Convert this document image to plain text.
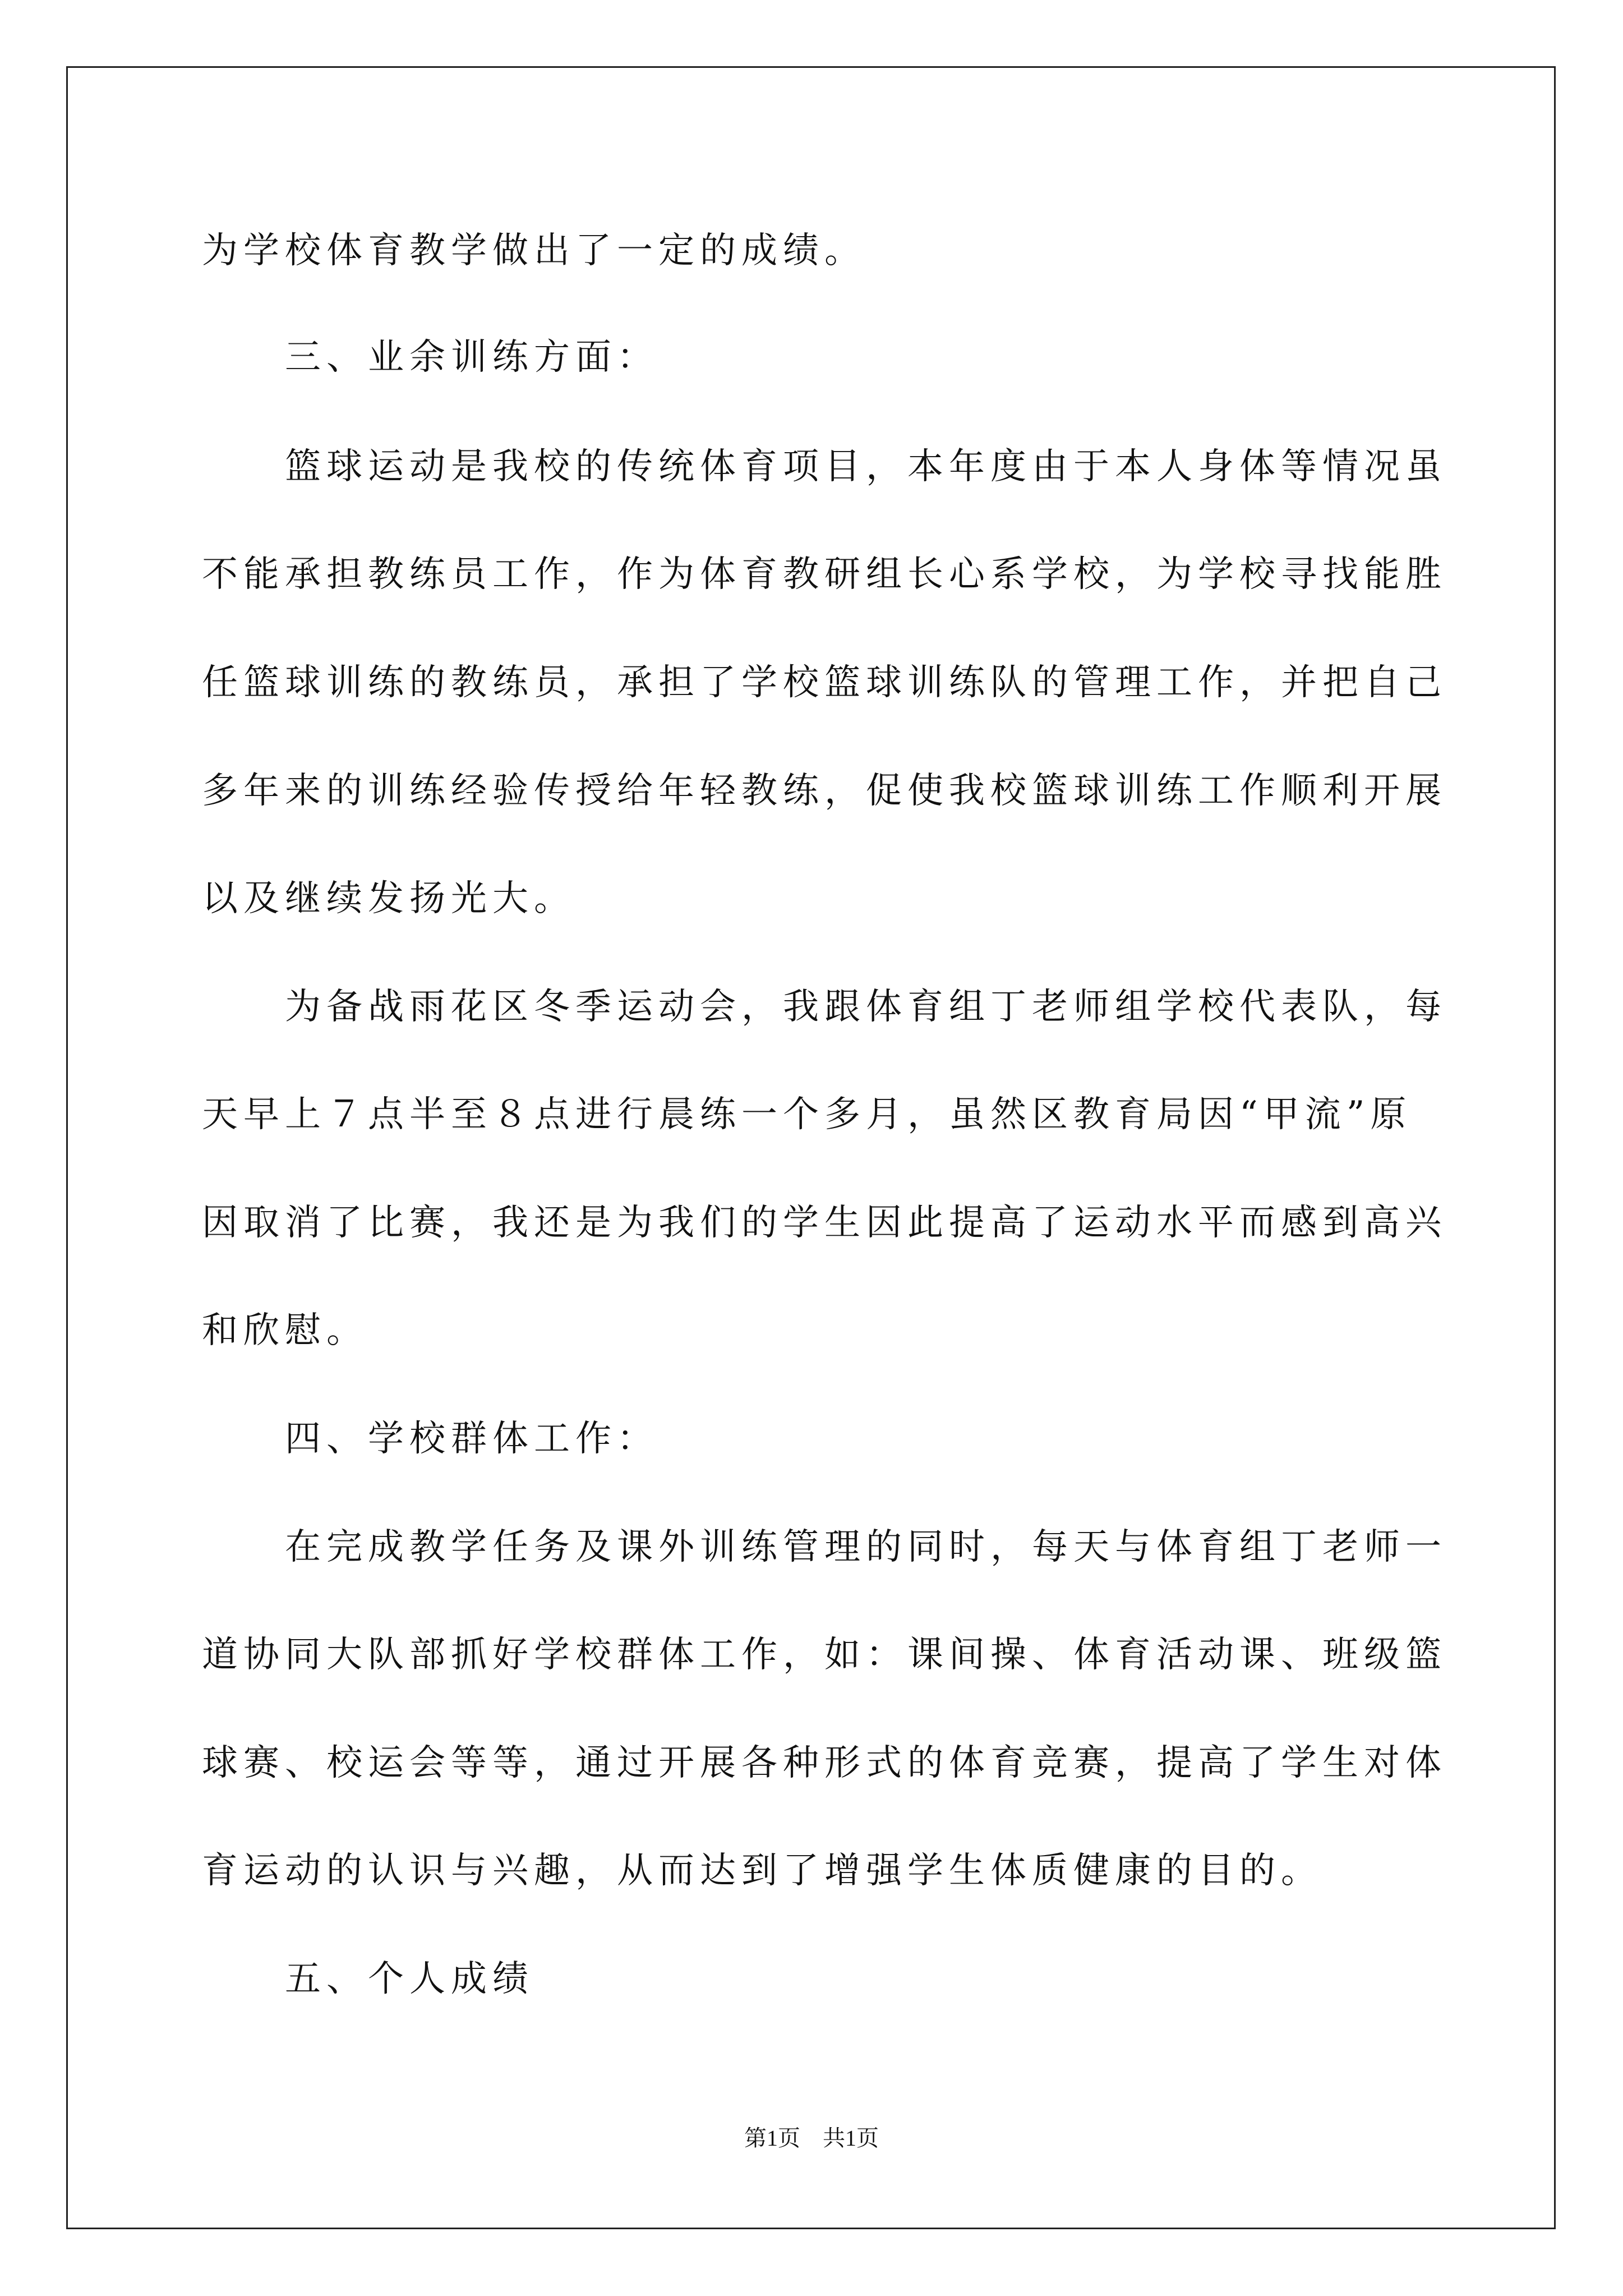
为学校体育教学做出了一定的成绩。
三、业余训练方面：
篮球运动是我校的传统体育项目，本年度由于本人身体等情况虽
不能承担教练员工作，作为体育教研组长心系学校，为学校寻找能胜
任篮球训练的教练员，承担了学校篮球训练队的管理工作，并把自己
多年来的训练经验传授给年轻教练，促使我校篮球训练工作顺利开展
以及继续发扬光大。
为备战雨花区冬季运动会，我跟体育组丁老师组学校代表队，每
天早上７点半至８点进行晨练一个多月，虽然区教育局因“甲流”原
因取消了比赛，我还是为我们的学生因此提高了运动水平而感到高兴
和欣慰。
四、学校群体工作：
在完成教学任务及课外训练管理的同时，每天与体育组丁老师一
道协同大队部抓好学校群体工作，如：课间操、体育活动课、班级篮
球赛、校运会等等，通过开展各种形式的体育竞赛，提高了学生对体
育运动的认识与兴趣，从而达到了增强学生体质健康的目的。
五、个人成绩
第1页　共1页
